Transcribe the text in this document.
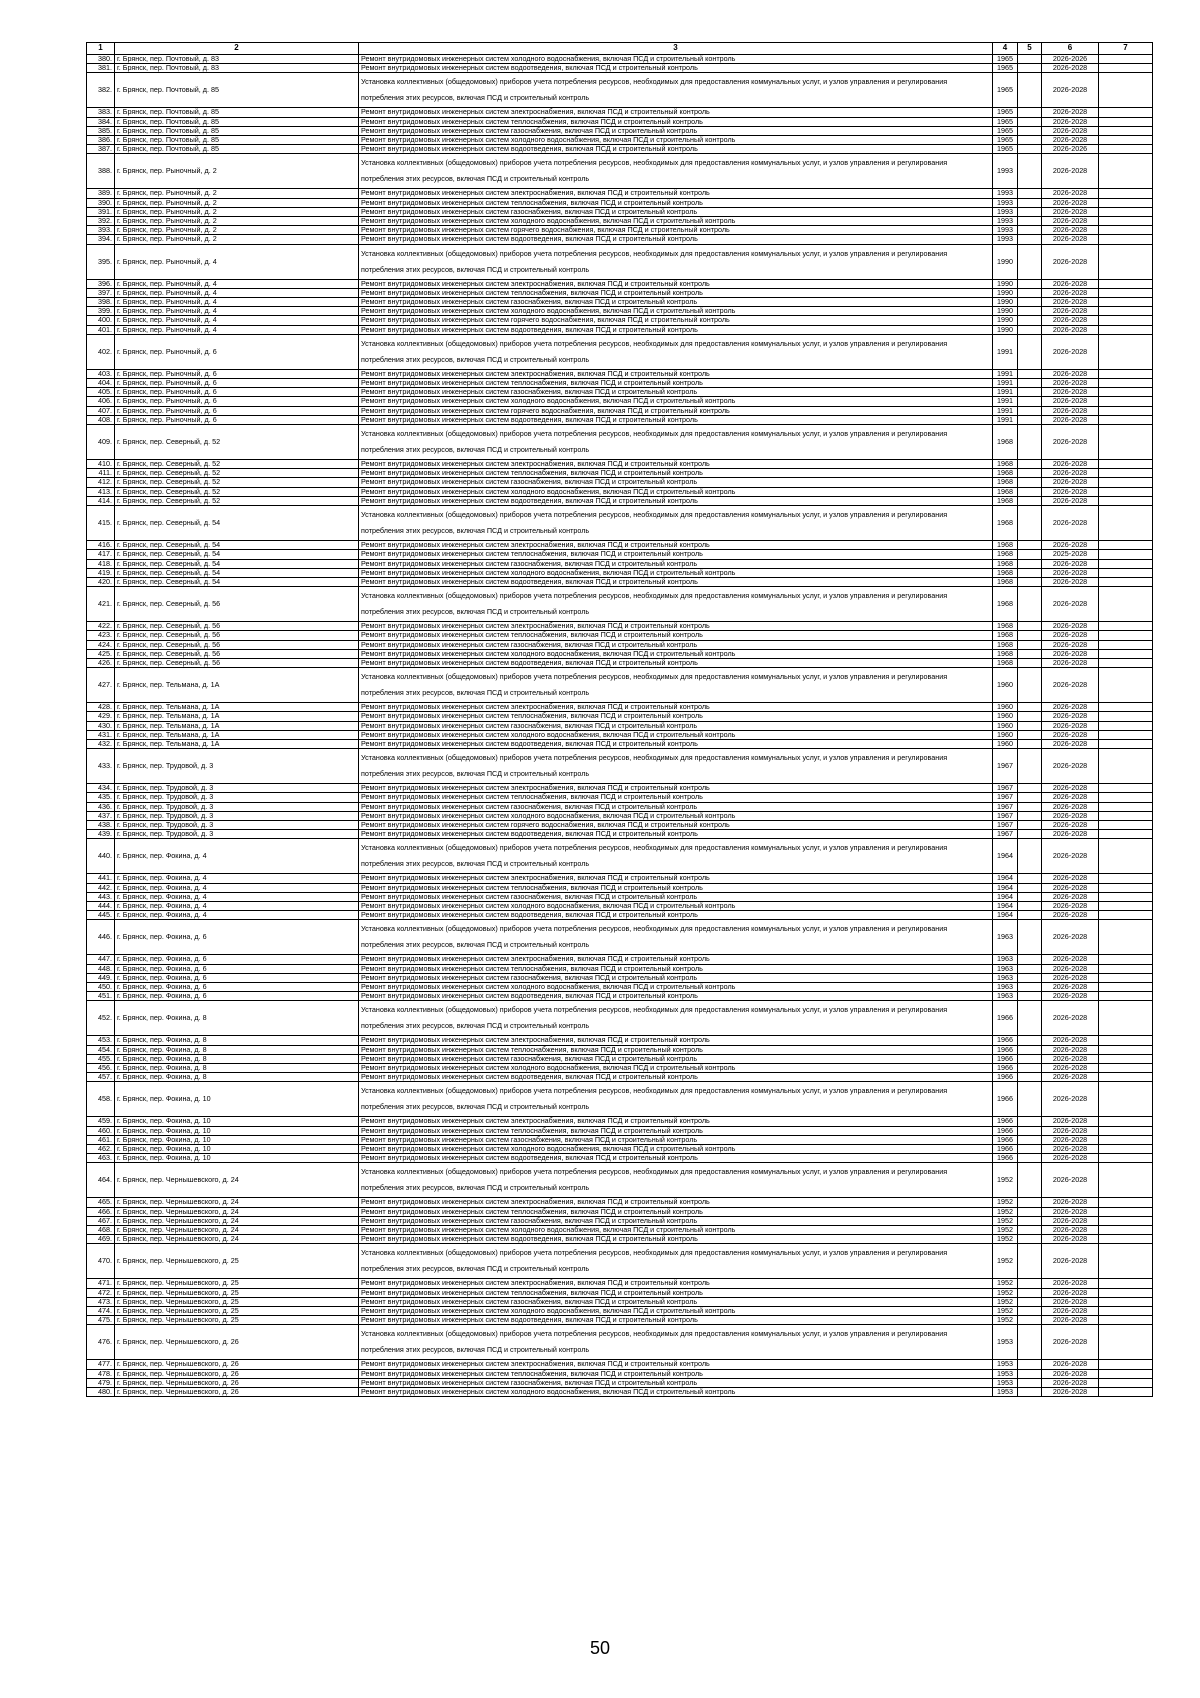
1	2	3	4	5	6	7
380.	г. Брянск, пер. Почтовый, д. 83	Ремонт внутридомовых инженерных систем холодного водоснабжения, включая ПСД и строительный контроль	1965		2026-2026	
381.	г. Брянск, пер. Почтовый, д. 83	Ремонт внутридомовых инженерных систем водоотведения, включая ПСД и строительный контроль	1965		2026-2028	
382.	г. Брянск, пер. Почтовый, д. 85	Установка коллективных (общедомовых) приборов учета потребления ресурсов, необходимых для предоставления коммунальных услуг, и узлов управления и регулирования потребления этих ресурсов, включая ПСД и строительный контроль	1965		2026-2028	
383.	г. Брянск, пер. Почтовый, д. 85	Ремонт внутридомовых инженерных систем электроснабжения, включая ПСД и строительный контроль	1965		2026-2028	
384.	г. Брянск, пер. Почтовый, д. 85	Ремонт внутридомовых инженерных систем теплоснабжения, включая ПСД и строительный контроль	1965		2026-2028	
385.	г. Брянск, пер. Почтовый, д. 85	Ремонт внутридомовых инженерных систем газоснабжения, включая ПСД и строительный контроль	1965		2026-2028	
386.	г. Брянск, пер. Почтовый, д. 85	Ремонт внутридомовых инженерных систем холодного водоснабжения, включая ПСД и строительный контроль	1965		2026-2028	
387.	г. Брянск, пер. Почтовый, д. 85	Ремонт внутридомовых инженерных систем водоотведения, включая ПСД и строительный контроль	1965		2026-2026	
388.	г. Брянск, пер. Рыночный, д. 2	Установка коллективных (общедомовых) приборов учета потребления ресурсов, необходимых для предоставления коммунальных услуг, и узлов управления и регулирования потребления этих ресурсов, включая ПСД и строительный контроль	1993		2026-2028	
389.	г. Брянск, пер. Рыночный, д. 2	Ремонт внутридомовых инженерных систем электроснабжения, включая ПСД и строительный контроль	1993		2026-2028	
390.	г. Брянск, пер. Рыночный, д. 2	Ремонт внутридомовых инженерных систем теплоснабжения, включая ПСД и строительный контроль	1993		2026-2028	
391.	г. Брянск, пер. Рыночный, д. 2	Ремонт внутридомовых инженерных систем газоснабжения, включая ПСД и строительный контроль	1993		2026-2028	
392.	г. Брянск, пер. Рыночный, д. 2	Ремонт внутридомовых инженерных систем холодного водоснабжения, включая ПСД и строительный контроль	1993		2026-2028	
393.	г. Брянск, пер. Рыночный, д. 2	Ремонт внутридомовых инженерных систем горячего водоснабжения, включая ПСД и строительный контроль	1993		2026-2028	
394.	г. Брянск, пер. Рыночный, д. 2	Ремонт внутридомовых инженерных систем водоотведения, включая ПСД и строительный контроль	1993		2026-2028	
395.	г. Брянск, пер. Рыночный, д. 4	Установка коллективных (общедомовых) приборов учета потребления ресурсов, необходимых для предоставления коммунальных услуг, и узлов управления и регулирования потребления этих ресурсов, включая ПСД и строительный контроль	1990		2026-2028	
396.	г. Брянск, пер. Рыночный, д. 4	Ремонт внутридомовых инженерных систем электроснабжения, включая ПСД и строительный контроль	1990		2026-2028	
397.	г. Брянск, пер. Рыночный, д. 4	Ремонт внутридомовых инженерных систем теплоснабжения, включая ПСД и строительный контроль	1990		2026-2028	
398.	г. Брянск, пер. Рыночный, д. 4	Ремонт внутридомовых инженерных систем газоснабжения, включая ПСД и строительный контроль	1990		2026-2028	
399.	г. Брянск, пер. Рыночный, д. 4	Ремонт внутридомовых инженерных систем холодного водоснабжения, включая ПСД и строительный контроль	1990		2026-2028	
400.	г. Брянск, пер. Рыночный, д. 4	Ремонт внутридомовых инженерных систем горячего водоснабжения, включая ПСД и строительный контроль	1990		2026-2028	
401.	г. Брянск, пер. Рыночный, д. 4	Ремонт внутридомовых инженерных систем водоотведения, включая ПСД и строительный контроль	1990		2026-2028	
402.	г. Брянск, пер. Рыночный, д. 6	Установка коллективных (общедомовых) приборов учета потребления ресурсов, необходимых для предоставления коммунальных услуг, и узлов управления и регулирования потребления этих ресурсов, включая ПСД и строительный контроль	1991		2026-2028	
403.	г. Брянск, пер. Рыночный, д. 6	Ремонт внутридомовых инженерных систем электроснабжения, включая ПСД и строительный контроль	1991		2026-2028	
404.	г. Брянск, пер. Рыночный, д. 6	Ремонт внутридомовых инженерных систем теплоснабжения, включая ПСД и строительный контроль	1991		2026-2028	
405.	г. Брянск, пер. Рыночный, д. 6	Ремонт внутридомовых инженерных систем газоснабжения, включая ПСД и строительный контроль	1991		2026-2028	
406.	г. Брянск, пер. Рыночный, д. 6	Ремонт внутридомовых инженерных систем холодного водоснабжения, включая ПСД и строительный контроль	1991		2026-2028	
407.	г. Брянск, пер. Рыночный, д. 6	Ремонт внутридомовых инженерных систем горячего водоснабжения, включая ПСД и строительный контроль	1991		2026-2028	
408.	г. Брянск, пер. Рыночный, д. 6	Ремонт внутридомовых инженерных систем водоотведения, включая ПСД и строительный контроль	1991		2026-2028	
409.	г. Брянск, пер. Северный, д. 52	Установка коллективных (общедомовых) приборов учета потребления ресурсов, необходимых для предоставления коммунальных услуг, и узлов управления и регулирования потребления этих ресурсов, включая ПСД и строительный контроль	1968		2026-2028	
410.	г. Брянск, пер. Северный, д. 52	Ремонт внутридомовых инженерных систем электроснабжения, включая ПСД и строительный контроль	1968		2026-2028	
411.	г. Брянск, пер. Северный, д. 52	Ремонт внутридомовых инженерных систем теплоснабжения, включая ПСД и строительный контроль	1968		2026-2028	
412.	г. Брянск, пер. Северный, д. 52	Ремонт внутридомовых инженерных систем газоснабжения, включая ПСД и строительный контроль	1968		2026-2028	
413.	г. Брянск, пер. Северный, д. 52	Ремонт внутридомовых инженерных систем холодного водоснабжения, включая ПСД и строительный контроль	1968		2026-2028	
414.	г. Брянск, пер. Северный, д. 52	Ремонт внутридомовых инженерных систем водоотведения, включая ПСД и строительный контроль	1968		2026-2028	
415.	г. Брянск, пер. Северный, д. 54	Установка коллективных (общедомовых) приборов учета потребления ресурсов, необходимых для предоставления коммунальных услуг, и узлов управления и регулирования потребления этих ресурсов, включая ПСД и строительный контроль	1968		2026-2028	
416.	г. Брянск, пер. Северный, д. 54	Ремонт внутридомовых инженерных систем электроснабжения, включая ПСД и строительный контроль	1968		2026-2028	
417.	г. Брянск, пер. Северный, д. 54	Ремонт внутридомовых инженерных систем теплоснабжения, включая ПСД и строительный контроль	1968		2025-2028	
418.	г. Брянск, пер. Северный, д. 54	Ремонт внутридомовых инженерных систем газоснабжения, включая ПСД и строительный контроль	1968		2026-2028	
419.	г. Брянск, пер. Северный, д. 54	Ремонт внутридомовых инженерных систем холодного водоснабжения, включая ПСД и строительный контроль	1968		2026-2028	
420.	г. Брянск, пер. Северный, д. 54	Ремонт внутридомовых инженерных систем водоотведения, включая ПСД и строительный контроль	1968		2026-2028	
421.	г. Брянск, пер. Северный, д. 56	Установка коллективных (общедомовых) приборов учета потребления ресурсов, необходимых для предоставления коммунальных услуг, и узлов управления и регулирования потребления этих ресурсов, включая ПСД и строительный контроль	1968		2026-2028	
422.	г. Брянск, пер. Северный, д. 56	Ремонт внутридомовых инженерных систем электроснабжения, включая ПСД и строительный контроль	1968		2026-2028	
423.	г. Брянск, пер. Северный, д. 56	Ремонт внутридомовых инженерных систем теплоснабжения, включая ПСД и строительный контроль	1968		2026-2028	
424.	г. Брянск, пер. Северный, д. 56	Ремонт внутридомовых инженерных систем газоснабжения, включая ПСД и строительный контроль	1968		2026-2028	
425.	г. Брянск, пер. Северный, д. 56	Ремонт внутридомовых инженерных систем холодного водоснабжения, включая ПСД и строительный контроль	1968		2026-2028	
426.	г. Брянск, пер. Северный, д. 56	Ремонт внутридомовых инженерных систем водоотведения, включая ПСД и строительный контроль	1968		2026-2028	
427.	г. Брянск, пер. Тельмана, д. 1А	Установка коллективных (общедомовых) приборов учета потребления ресурсов, необходимых для предоставления коммунальных услуг, и узлов управления и регулирования потребления этих ресурсов, включая ПСД и строительный контроль	1960		2026-2028	
428.	г. Брянск, пер. Тельмана, д. 1А	Ремонт внутридомовых инженерных систем электроснабжения, включая ПСД и строительный контроль	1960		2026-2028	
429.	г. Брянск, пер. Тельмана, д. 1А	Ремонт внутридомовых инженерных систем теплоснабжения, включая ПСД и строительный контроль	1960		2026-2028	
430.	г. Брянск, пер. Тельмана, д. 1А	Ремонт внутридомовых инженерных систем газоснабжения, включая ПСД и строительный контроль	1960		2026-2028	
431.	г. Брянск, пер. Тельмана, д. 1А	Ремонт внутридомовых инженерных систем холодного водоснабжения, включая ПСД и строительный контроль	1960		2026-2028	
432.	г. Брянск, пер. Тельмана, д. 1А	Ремонт внутридомовых инженерных систем водоотведения, включая ПСД и строительный контроль	1960		2026-2028	
433.	г. Брянск, пер. Трудовой, д. 3	Установка коллективных (общедомовых) приборов учета потребления ресурсов, необходимых для предоставления коммунальных услуг, и узлов управления и регулирования потребления этих ресурсов, включая ПСД и строительный контроль	1967		2026-2028	
434.	г. Брянск, пер. Трудовой, д. 3	Ремонт внутридомовых инженерных систем электроснабжения, включая ПСД и строительный контроль	1967		2026-2028	
435.	г. Брянск, пер. Трудовой, д. 3	Ремонт внутридомовых инженерных систем теплоснабжения, включая ПСД и строительный контроль	1967		2026-2028	
436.	г. Брянск, пер. Трудовой, д. 3	Ремонт внутридомовых инженерных систем газоснабжения, включая ПСД и строительный контроль	1967		2026-2028	
437.	г. Брянск, пер. Трудовой, д. 3	Ремонт внутридомовых инженерных систем холодного водоснабжения, включая ПСД и строительный контроль	1967		2026-2028	
438.	г. Брянск, пер. Трудовой, д. 3	Ремонт внутридомовых инженерных систем горячего водоснабжения, включая ПСД и строительный контроль	1967		2026-2028	
439.	г. Брянск, пер. Трудовой, д. 3	Ремонт внутридомовых инженерных систем водоотведения, включая ПСД и строительный контроль	1967		2026-2028	
440.	г. Брянск, пер. Фокина, д. 4	Установка коллективных (общедомовых) приборов учета потребления ресурсов, необходимых для предоставления коммунальных услуг, и узлов управления и регулирования потребления этих ресурсов, включая ПСД и строительный контроль	1964		2026-2028	
441.	г. Брянск, пер. Фокина, д. 4	Ремонт внутридомовых инженерных систем электроснабжения, включая ПСД и строительный контроль	1964		2026-2028	
442.	г. Брянск, пер. Фокина, д. 4	Ремонт внутридомовых инженерных систем теплоснабжения, включая ПСД и строительный контроль	1964		2026-2028	
443.	г. Брянск, пер. Фокина, д. 4	Ремонт внутридомовых инженерных систем газоснабжения, включая ПСД и строительный контроль	1964		2026-2028	
444.	г. Брянск, пер. Фокина, д. 4	Ремонт внутридомовых инженерных систем холодного водоснабжения, включая ПСД и строительный контроль	1964		2026-2028	
445.	г. Брянск, пер. Фокина, д. 4	Ремонт внутридомовых инженерных систем водоотведения, включая ПСД и строительный контроль	1964		2026-2028	
446.	г. Брянск, пер. Фокина, д. 6	Установка коллективных (общедомовых) приборов учета потребления ресурсов, необходимых для предоставления коммунальных услуг, и узлов управления и регулирования потребления этих ресурсов, включая ПСД и строительный контроль	1963		2026-2028	
447.	г. Брянск, пер. Фокина, д. 6	Ремонт внутридомовых инженерных систем электроснабжения, включая ПСД и строительный контроль	1963		2026-2028	
448.	г. Брянск, пер. Фокина, д. 6	Ремонт внутридомовых инженерных систем теплоснабжения, включая ПСД и строительный контроль	1963		2026-2028	
449.	г. Брянск, пер. Фокина, д. 6	Ремонт внутридомовых инженерных систем газоснабжения, включая ПСД и строительный контроль	1963		2026-2028	
450.	г. Брянск, пер. Фокина, д. 6	Ремонт внутридомовых инженерных систем холодного водоснабжения, включая ПСД и строительный контроль	1963		2026-2028	
451.	г. Брянск, пер. Фокина, д. 6	Ремонт внутридомовых инженерных систем водоотведения, включая ПСД и строительный контроль	1963		2026-2028	
452.	г. Брянск, пер. Фокина, д. 8	Установка коллективных (общедомовых) приборов учета потребления ресурсов, необходимых для предоставления коммунальных услуг, и узлов управления и регулирования потребления этих ресурсов, включая ПСД и строительный контроль	1966		2026-2028	
453.	г. Брянск, пер. Фокина, д. 8	Ремонт внутридомовых инженерных систем электроснабжения, включая ПСД и строительный контроль	1966		2026-2028	
454.	г. Брянск, пер. Фокина, д. 8	Ремонт внутридомовых инженерных систем теплоснабжения, включая ПСД и строительный контроль	1966		2026-2028	
455.	г. Брянск, пер. Фокина, д. 8	Ремонт внутридомовых инженерных систем газоснабжения, включая ПСД и строительный контроль	1966		2026-2028	
456.	г. Брянск, пер. Фокина, д. 8	Ремонт внутридомовых инженерных систем холодного водоснабжения, включая ПСД и строительный контроль	1966		2026-2028	
457.	г. Брянск, пер. Фокина, д. 8	Ремонт внутридомовых инженерных систем водоотведения, включая ПСД и строительный контроль	1966		2026-2028	
458.	г. Брянск, пер. Фокина, д. 10	Установка коллективных (общедомовых) приборов учета потребления ресурсов, необходимых для предоставления коммунальных услуг, и узлов управления и регулирования потребления этих ресурсов, включая ПСД и строительный контроль	1966		2026-2028	
459.	г. Брянск, пер. Фокина, д. 10	Ремонт внутридомовых инженерных систем электроснабжения, включая ПСД и строительный контроль	1966		2026-2028	
460.	г. Брянск, пер. Фокина, д. 10	Ремонт внутридомовых инженерных систем теплоснабжения, включая ПСД и строительный контроль	1966		2026-2028	
461.	г. Брянск, пер. Фокина, д. 10	Ремонт внутридомовых инженерных систем газоснабжения, включая ПСД и строительный контроль	1966		2026-2028	
462.	г. Брянск, пер. Фокина, д. 10	Ремонт внутридомовых инженерных систем холодного водоснабжения, включая ПСД и строительный контроль	1966		2026-2028	
463.	г. Брянск, пер. Фокина, д. 10	Ремонт внутридомовых инженерных систем водоотведения, включая ПСД и строительный контроль	1966		2026-2028	
464.	г. Брянск, пер. Чернышевского, д. 24	Установка коллективных (общедомовых) приборов учета потребления ресурсов, необходимых для предоставления коммунальных услуг, и узлов управления и регулирования потребления этих ресурсов, включая ПСД и строительный контроль	1952		2026-2028	
465.	г. Брянск, пер. Чернышевского, д. 24	Ремонт внутридомовых инженерных систем электроснабжения, включая ПСД и строительный контроль	1952		2026-2028	
466.	г. Брянск, пер. Чернышевского, д. 24	Ремонт внутридомовых инженерных систем теплоснабжения, включая ПСД и строительный контроль	1952		2026-2028	
467.	г. Брянск, пер. Чернышевского, д. 24	Ремонт внутридомовых инженерных систем газоснабжения, включая ПСД и строительный контроль	1952		2026-2028	
468.	г. Брянск, пер. Чернышевского, д. 24	Ремонт внутридомовых инженерных систем холодного водоснабжения, включая ПСД и строительный контроль	1952		2026-2028	
469.	г. Брянск, пер. Чернышевского, д. 24	Ремонт внутридомовых инженерных систем водоотведения, включая ПСД и строительный контроль	1952		2026-2028	
470.	г. Брянск, пер. Чернышевского, д. 25	Установка коллективных (общедомовых) приборов учета потребления ресурсов, необходимых для предоставления коммунальных услуг, и узлов управления и регулирования потребления этих ресурсов, включая ПСД и строительный контроль	1952		2026-2028	
471.	г. Брянск, пер. Чернышевского, д. 25	Ремонт внутридомовых инженерных систем электроснабжения, включая ПСД и строительный контроль	1952		2026-2028	
472.	г. Брянск, пер. Чернышевского, д. 25	Ремонт внутридомовых инженерных систем теплоснабжения, включая ПСД и строительный контроль	1952		2026-2028	
473.	г. Брянск, пер. Чернышевского, д. 25	Ремонт внутридомовых инженерных систем газоснабжения, включая ПСД и строительный контроль	1952		2026-2028	
474.	г. Брянск, пер. Чернышевского, д. 25	Ремонт внутридомовых инженерных систем холодного водоснабжения, включая ПСД и строительный контроль	1952		2026-2028	
475.	г. Брянск, пер. Чернышевского, д. 25	Ремонт внутридомовых инженерных систем водоотведения, включая ПСД и строительный контроль	1952		2026-2028	
476.	г. Брянск, пер. Чернышевского, д. 26	Установка коллективных (общедомовых) приборов учета потребления ресурсов, необходимых для предоставления коммунальных услуг, и узлов управления и регулирования потребления этих ресурсов, включая ПСД и строительный контроль	1953		2026-2028	
477.	г. Брянск, пер. Чернышевского, д. 26	Ремонт внутридомовых инженерных систем электроснабжения, включая ПСД и строительный контроль	1953		2026-2028	
478.	г. Брянск, пер. Чернышевского, д. 26	Ремонт внутридомовых инженерных систем теплоснабжения, включая ПСД и строительный контроль	1953		2026-2028	
479.	г. Брянск, пер. Чернышевского, д. 26	Ремонт внутридомовых инженерных систем газоснабжения, включая ПСД и строительный контроль	1953		2026-2028	
480.	г. Брянск, пер. Чернышевского, д. 26	Ремонт внутридомовых инженерных систем холодного водоснабжения, включая ПСД и строительный контроль	1953		2026-2028	
50
